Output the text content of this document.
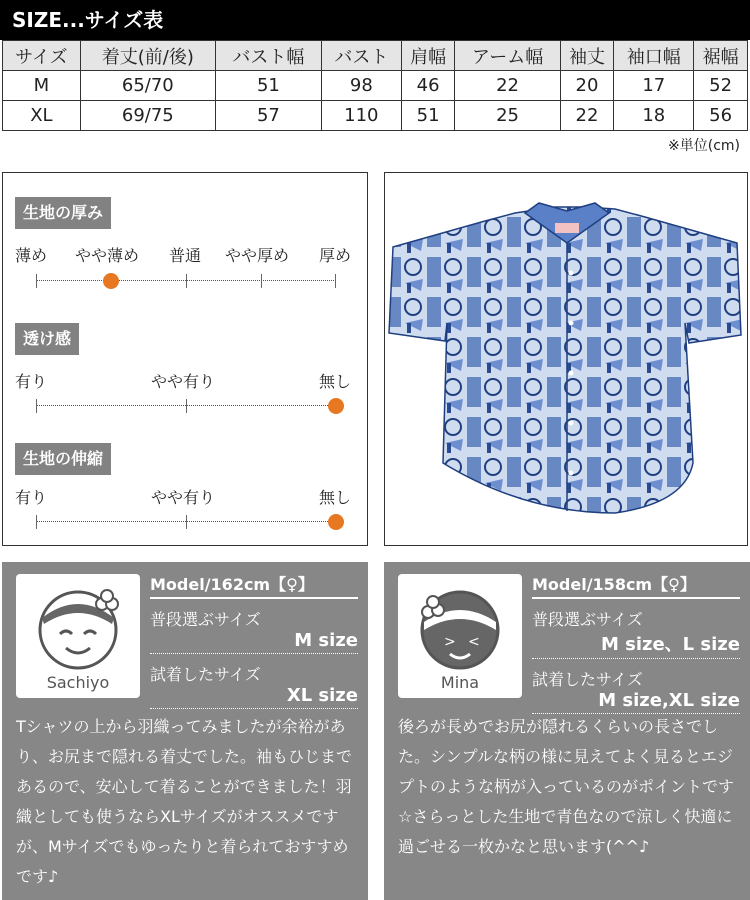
SIZE...サイズ表
サイズ	着丈(前/後)	バスト幅	バスト	肩幅	アーム幅	袖丈	袖口幅	裾幅
M	65/70	51	98	46	22	20	17	52
XL	69/75	57	110	51	25	22	18	56
※単位(cm)
生地の厚み
薄め やや薄め 普通 やや厚め 厚め
透け感
有り	やや有り	無し
生地の伸縮
有り	やや有り	無し
Sachiyo
Model/162cm【♀】
普段選ぶサイズ
M size
試着したサイズ
XL size
Tシャツの上から羽織ってみましたが余裕があり、お尻まで隠れる着丈でした。袖もひじまであるので、安心して着ることができました！羽織としても使うならXLサイズがオススメですが、Mサイズでもゆったりと着られておすすめです♪
> <
Mina
Model/158cm【♀】
普段選ぶサイズ
M size、L size
試着したサイズ
M size,XL size
後ろが長めでお尻が隠れるくらいの長さでした。シンプルな柄の様に見えてよく見るとエジプトのような柄が入っているのがポイントです☆さらっとした生地で青色なので涼しく快適に過ごせる一枚かなと思います(^^♪
